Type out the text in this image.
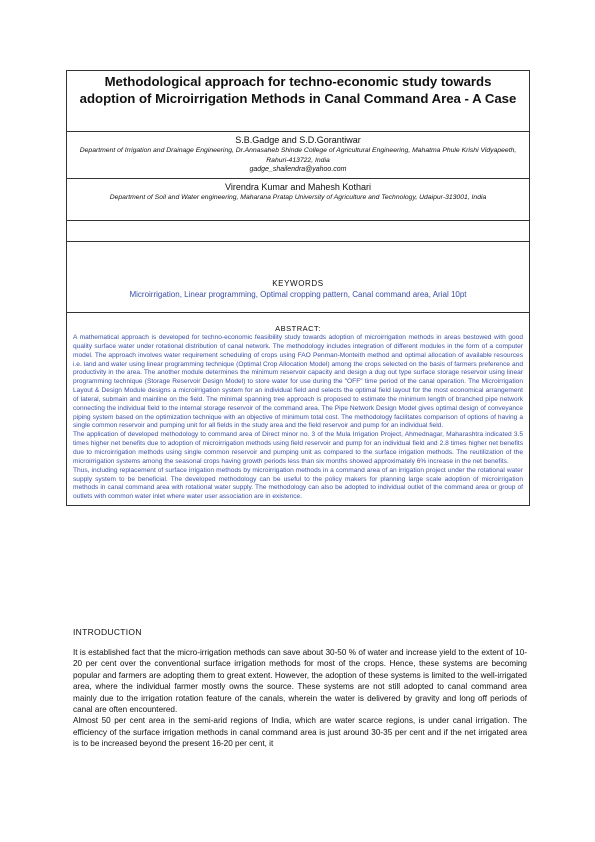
Methodological approach for techno-economic study towards adoption of Microirrigation Methods in Canal Command Area - A Case
S.B.Gadge and S.D.Gorantiwar
Department of Irrigation and Drainage Engineering, Dr.Annasaheb Shinde College of Agricultural Engineering, Mahatma Phule Krishi Vidyapeeth, Rahuri-413722, India
gadge_shailendra@yahoo.com
Virendra Kumar and Mahesh Kothari
Department of Soil and Water engineering, Maharana Pratap University of Agriculture and Technology, Udaipur-313001, India
KEYWORDS
Microirrigation, Linear programming, Optimal cropping pattern, Canal command area, Arial 10pt
ABSTRACT:

A mathematical approach is developed for techno-economic feasibility study towards adoption of microirrigation methods in areas bestowed with good quality surface water under rotational distribution of canal network. The methodology includes integration of different modules in the form of a computer model. The approach involves water requirement scheduling of crops using FAO Penman-Monteith method and optimal allocation of available resources i.e. land and water using linear programming technique (Optimal Crop Allocation Model) among the crops selected on the basis of farmers preference and productivity in the area. The another module determines the minimum reservoir capacity and design a dug out type surface storage reservoir using linear programming technique (Storage Reservoir Design Model) to store water for use during the "OFF" time period of the canal operation. The Microirrigation Layout & Design Module designs a microirrigation system for an individual field and selects the optimal field layout for the most economical arrangement of lateral, submain and mainline on the field. The minimal spanning tree approach is proposed to estimate the minimum length of branched pipe network connecting the individual field to the internal storage reservoir of the command area. The Pipe Network Design Model gives optimal design of conveyance piping system based on the optimization technique with an objective of minimum total cost. The methodology facilitates comparison of options of having a single common reservoir and pumping unit for all fields in the study area and the field reservoir and pump for an individual field.

The application of developed methodology to command area of Direct minor no. 3 of the Mula Irrigation Project, Ahmednagar, Maharashtra indicated 3.5 times higher net benefits due to adoption of microirrigation methods using field reservoir and pump for an individual field and 2.8 times higher net benefits due to microirrigation methods using single common reservoir and pumping unit as compared to the surface irrigation methods. The reutilization of the microirrigation systems among the seasonal crops having growth periods less than six months showed approximately 6% increase in the net benefits.

Thus, including replacement of surface irrigation methods by microirrigation methods in a command area of an irrigation project under the rotational water supply system to be beneficial. The developed methodology can be useful to the policy makers for planning large scale adoption of microirrigation methods in canal command area with rotational water supply. The methodology can also be adopted to individual outlet of the command area or group of outlets with common water inlet where water user association are in existence.

INTRODUCTION

It is established fact that the micro-irrigation methods can save about 30-50 % of water and increase yield to the extent of 10-20 per cent over the conventional surface irrigation methods for most of the crops. Hence, these systems are becoming popular and farmers are adopting them to great extent. However, the adoption of these systems is limited to the well-irrigated area, where the individual farmer mostly owns the source. These systems are not still adopted to canal command area mainly due to the irrigation rotation feature of the canals, wherein the water is delivered by gravity and long off periods of canal are often encountered.

Almost 50 per cent area in the semi-arid regions of India, which are water scarce regions, is under canal irrigation. The efficiency of the surface irrigation methods in canal command area is just around 30-35 per cent and if the net irrigated area is to be increased beyond the present 16-20 per cent, it
